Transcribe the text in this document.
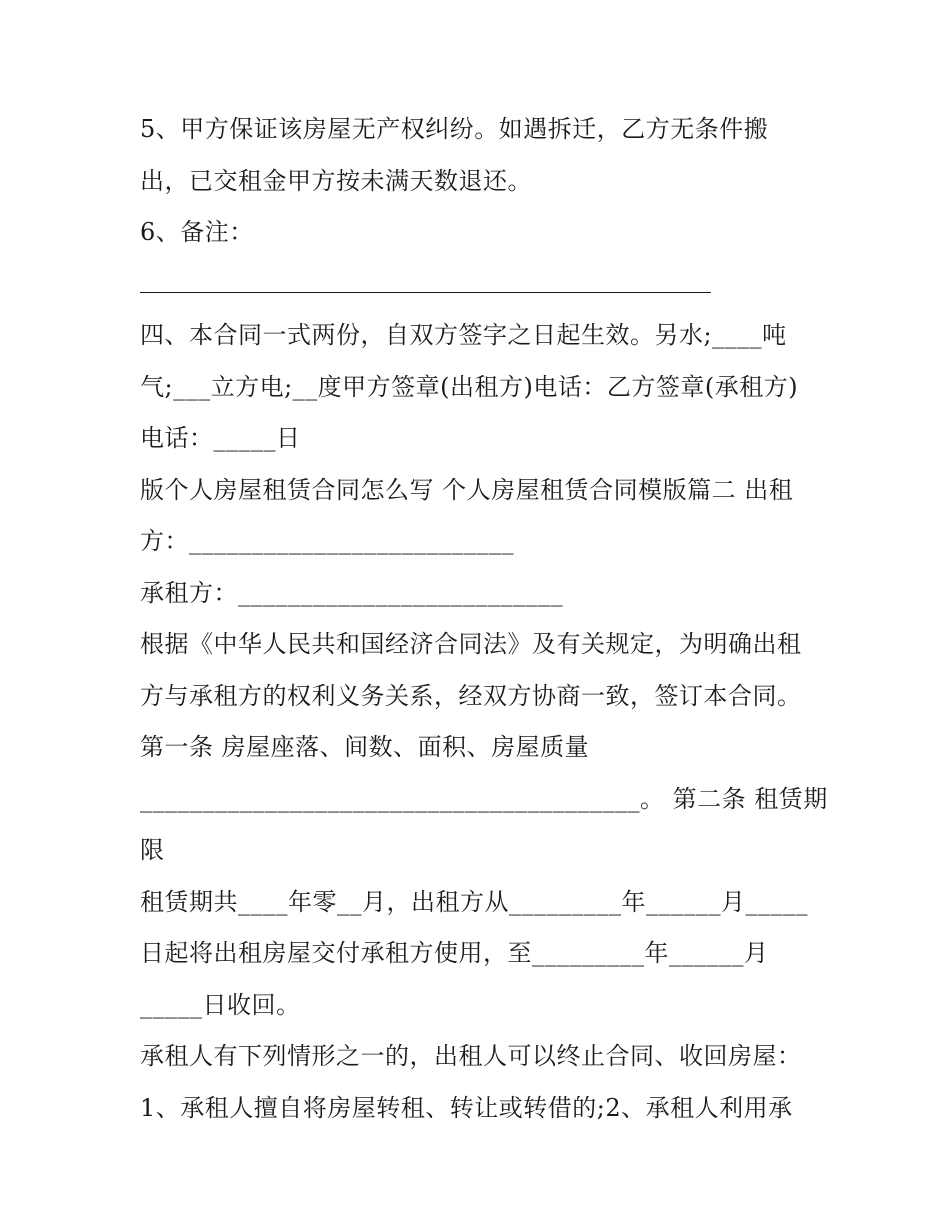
5、甲方保证该房屋无产权纠纷。如遇拆迁，乙方无条件搬
出，已交租金甲方按未满天数退还。
6、备注：
四、本合同一式两份，自双方签字之日起生效。另水;____吨
气;___立方电;__度甲方签章(出租方)电话：乙方签章(承租方)
电话：_____日
版个人房屋租赁合同怎么写 个人房屋租赁合同模版篇二 出租
方：__________________________
承租方：__________________________
根据《中华人民共和国经济合同法》及有关规定，为明确出租
方与承租方的权利义务关系，经双方协商一致，签订本合同。
第一条 房屋座落、间数、面积、房屋质量
________________________________________。 第二条 租赁期
限
租赁期共____年零__月，出租方从_________年______月_____
日起将出租房屋交付承租方使用，至_________年______月
_____日收回。
承租人有下列情形之一的，出租人可以终止合同、收回房屋：
1、承租人擅自将房屋转租、转让或转借的;2、承租人利用承
